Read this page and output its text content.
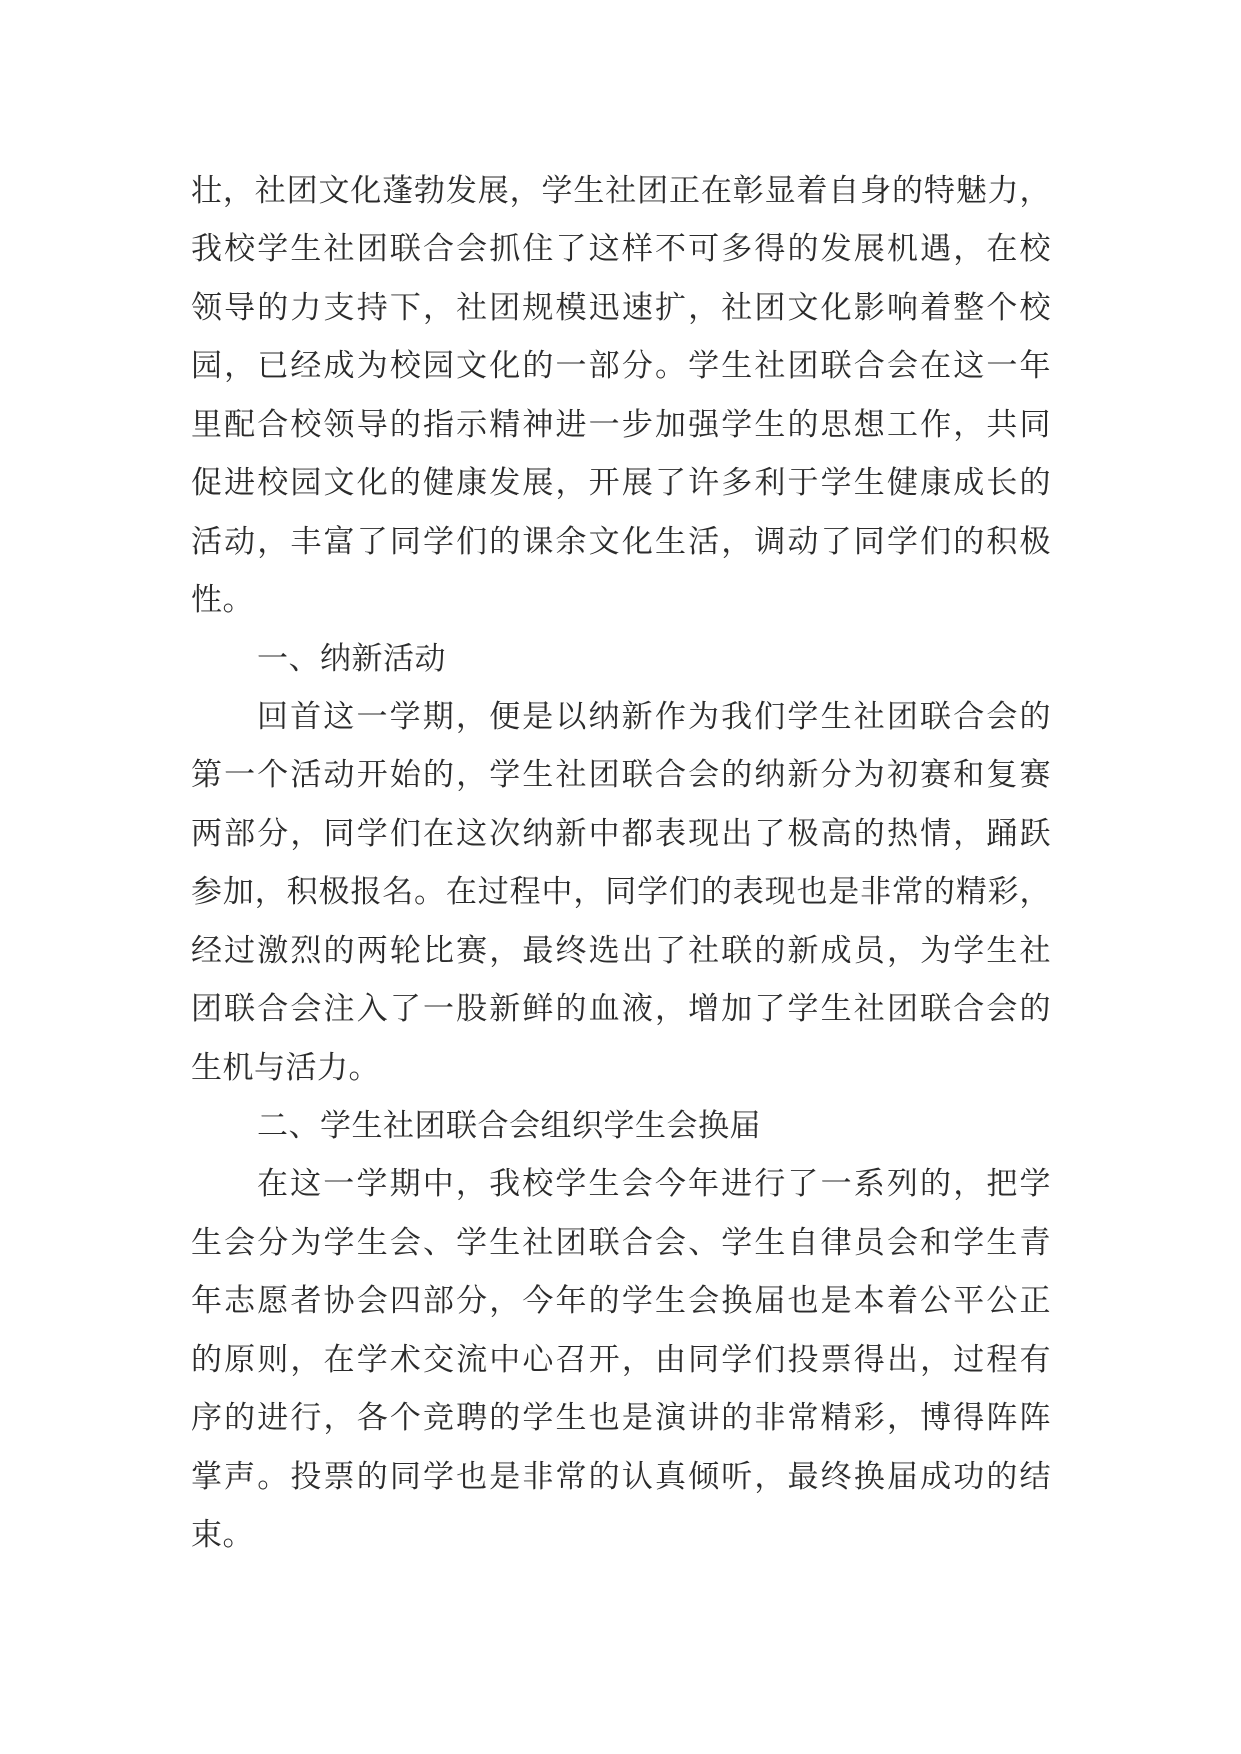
壮，社团文化蓬勃发展，学生社团正在彰显着自身的特魅力，
我校学生社团联合会抓住了这样不可多得的发展机遇，在校
领导的力支持下，社团规模迅速扩，社团文化影响着整个校
园，已经成为校园文化的一部分。学生社团联合会在这一年
里配合校领导的指示精神进一步加强学生的思想工作，共同
促进校园文化的健康发展，开展了许多利于学生健康成长的
活动，丰富了同学们的课余文化生活，调动了同学们的积极
性。
一、纳新活动
回首这一学期，便是以纳新作为我们学生社团联合会的
第一个活动开始的，学生社团联合会的纳新分为初赛和复赛
两部分，同学们在这次纳新中都表现出了极高的热情，踊跃
参加，积极报名。在过程中，同学们的表现也是非常的精彩，
经过激烈的两轮比赛，最终选出了社联的新成员，为学生社
团联合会注入了一股新鲜的血液，增加了学生社团联合会的
生机与活力。
二、学生社团联合会组织学生会换届
在这一学期中，我校学生会今年进行了一系列的，把学
生会分为学生会、学生社团联合会、学生自律员会和学生青
年志愿者协会四部分，今年的学生会换届也是本着公平公正
的原则，在学术交流中心召开，由同学们投票得出，过程有
序的进行，各个竞聘的学生也是演讲的非常精彩，博得阵阵
掌声。投票的同学也是非常的认真倾听，最终换届成功的结
束。
